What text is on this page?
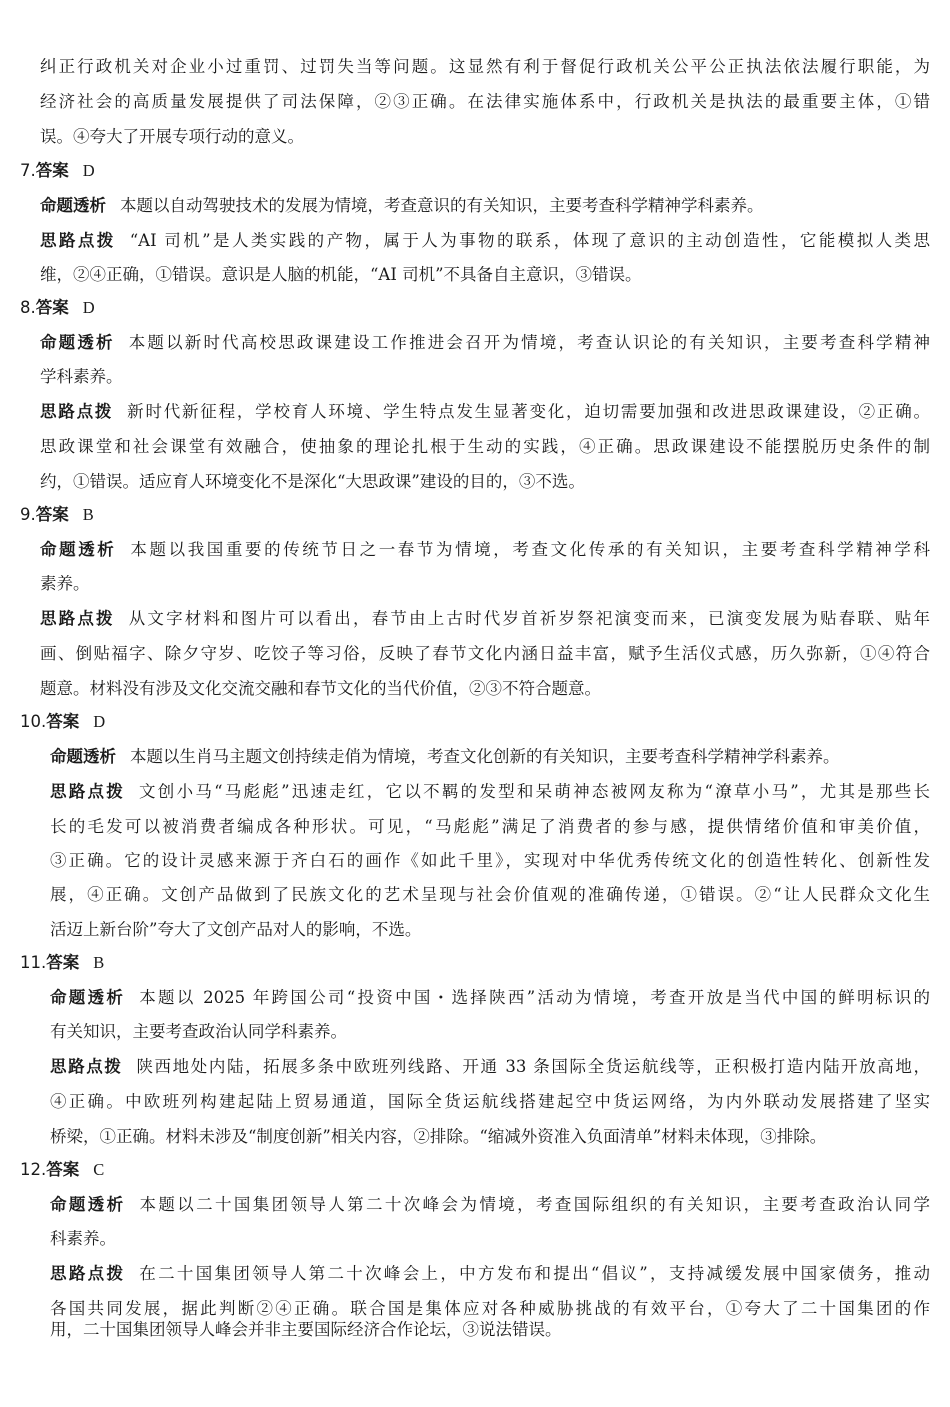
纠正行政机关对企业小过重罚、过罚失当等问题。这显然有利于督促行政机关公平公正执法依法履行职能，为
经济社会的高质量发展提供了司法保障，②③正确。在法律实施体系中，行政机关是执法的最重要主体，①错
误。④夸大了开展专项行动的意义。
7.答案 D
命题透析 本题以自动驾驶技术的发展为情境，考查意识的有关知识，主要考查科学精神学科素养。
思路点拨 “AI 司机”是人类实践的产物，属于人为事物的联系，体现了意识的主动创造性，它能模拟人类思
维，②④正确，①错误。意识是人脑的机能，“AI 司机”不具备自主意识，③错误。
8.答案 D
命题透析 本题以新时代高校思政课建设工作推进会召开为情境，考查认识论的有关知识，主要考查科学精神
学科素养。
思路点拨 新时代新征程，学校育人环境、学生特点发生显著变化，迫切需要加强和改进思政课建设，②正确。
思政课堂和社会课堂有效融合，使抽象的理论扎根于生动的实践，④正确。思政课建设不能摆脱历史条件的制
约，①错误。适应育人环境变化不是深化“大思政课”建设的目的，③不选。
9.答案 B
命题透析 本题以我国重要的传统节日之一春节为情境，考查文化传承的有关知识，主要考查科学精神学科
素养。
思路点拨 从文字材料和图片可以看出，春节由上古时代岁首祈岁祭祀演变而来，已演变发展为贴春联、贴年
画、倒贴福字、除夕守岁、吃饺子等习俗，反映了春节文化内涵日益丰富，赋予生活仪式感，历久弥新，①④符合
题意。材料没有涉及文化交流交融和春节文化的当代价值，②③不符合题意。
10.答案 D
命题透析 本题以生肖马主题文创持续走俏为情境，考查文化创新的有关知识，主要考查科学精神学科素养。
思路点拨 文创小马“马彪彪”迅速走红，它以不羁的发型和呆萌神态被网友称为“潦草小马”，尤其是那些长
长的毛发可以被消费者编成各种形状。可见，“马彪彪”满足了消费者的参与感，提供情绪价值和审美价值，
③正确。它的设计灵感来源于齐白石的画作《如此千里》，实现对中华优秀传统文化的创造性转化、创新性发
展，④正确。文创产品做到了民族文化的艺术呈现与社会价值观的准确传递，①错误。②“让人民群众文化生
活迈上新台阶”夸大了文创产品对人的影响，不选。
11.答案 B
命题透析 本题以 2025 年跨国公司“投资中国・选择陕西”活动为情境，考查开放是当代中国的鲜明标识的
有关知识，主要考查政治认同学科素养。
思路点拨 陕西地处内陆，拓展多条中欧班列线路、开通 33 条国际全货运航线等，正积极打造内陆开放高地，
④正确。中欧班列构建起陆上贸易通道，国际全货运航线搭建起空中货运网络，为内外联动发展搭建了坚实
桥梁，①正确。材料未涉及“制度创新”相关内容，②排除。“缩减外资准入负面清单”材料未体现，③排除。
12.答案 C
命题透析 本题以二十国集团领导人第二十次峰会为情境，考查国际组织的有关知识，主要考查政治认同学
科素养。
思路点拨 在二十国集团领导人第二十次峰会上，中方发布和提出“倡议”，支持减缓发展中国家债务，推动
各国共同发展，据此判断②④正确。联合国是集体应对各种威胁挑战的有效平台，①夸大了二十国集团的作
用，二十国集团领导人峰会并非主要国际经济合作论坛，③说法错误。
